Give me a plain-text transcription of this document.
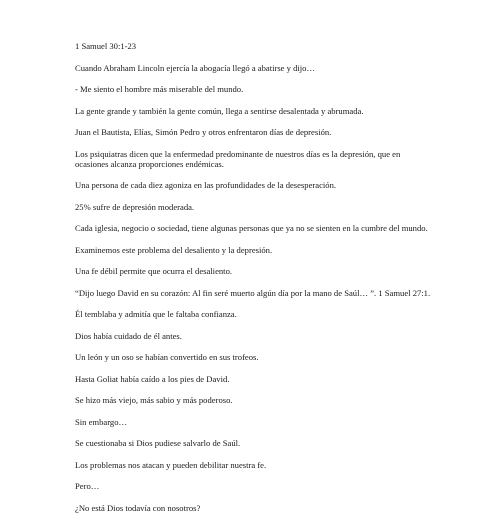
1 Samuel 30:1-23

Cuando Abraham Lincoln ejercía la abogacía llegó a abatirse y dijo…

- Me siento el hombre más miserable del mundo.

La gente grande y también la gente común, llega a sentirse desalentada y abrumada.

Juan el Bautista, Elías, Simón Pedro y otros enfrentaron días de depresión.

Los psiquiatras dicen que la enfermedad predominante de nuestros días es la depresión, que en ocasiones alcanza proporciones endémicas.

Una persona de cada diez agoniza en las profundidades de la desesperación.

25% sufre de depresión moderada.

Cada iglesia, negocio o sociedad, tiene algunas personas que ya no se sienten en la cumbre del mundo.

Examinemos este problema del desaliento y la depresión.

Una fe débil permite que ocurra el desaliento.

“Dijo luego David en su corazón: Al fin seré muerto algún día por la mano de Saúl… ”. 1 Samuel 27:1.

Él temblaba y admitía que le faltaba confianza.

Dios había cuidado de él antes.

Un león y un oso se habían convertido en sus trofeos.

Hasta Goliat había caído a los pies de David.

Se hizo más viejo, más sabio y más poderoso.

Sin embargo…

Se cuestionaba si Dios pudiese salvarlo de Saúl.

Los problemas nos atacan y pueden debilitar nuestra fe.

Pero…

¿No está Dios todavía con nosotros?
